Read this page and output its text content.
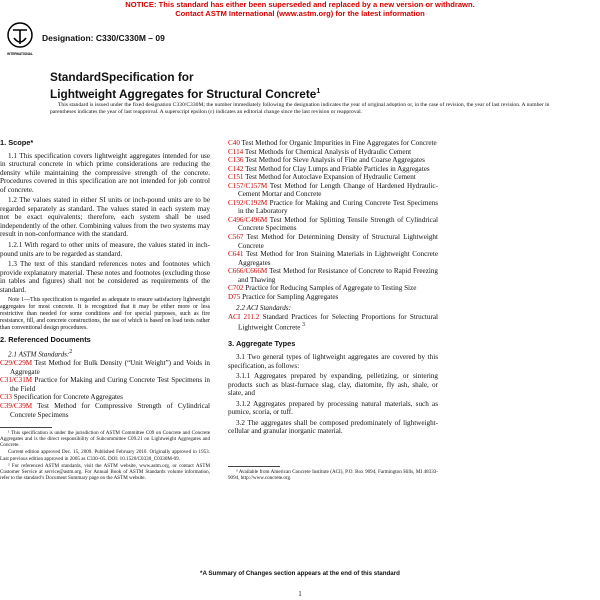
NOTICE: This standard has either been superseded and replaced by a new version or withdrawn.
Contact ASTM International (www.astm.org) for the latest information
INTERNATIONAL
Designation: C330/C330M – 09
StandardSpecification for
Lightweight Aggregates for Structural Concrete$^1$
This standard is issued under the fixed designation C330/C330M; the number immediately following the designation indicates the year of original adoption or, in the case of revision, the year of last revision. A number in parentheses indicates the year of last reapproval. A superscript epsilon (ε) indicates an editorial change since the last revision or reapproval.
1. Scope*

1.1 This specification covers lightweight aggregates intended for use in structural concrete in which prime considerations are reducing the density while maintaining the compressive strength of the concrete. Procedures covered in this specification are not intended for job control of concrete.

1.2 The values stated in either SI units or inch-pound units are to be regarded separately as standard. The values stated in each system may not be exact equivalents; therefore, each system shall be used independently of the other. Combining values from the two systems may result in non-conformance with the standard.

1.2.1 With regard to other units of measure, the values stated in inch-pound units are to be regarded as standard.

1.3 The text of this standard references notes and footnotes which provide explanatory material. These notes and footnotes (excluding those in tables and figures) shall not be considered as requirements of the standard.

Note 1—This specification is regarded as adequate to ensure satisfactory lightweight aggregates for most concrete. It is recognized that it may be either more or less restrictive than needed for some conditions and for special purposes, such as fire resistance, fill, and concrete constructions, the use of which is based on load tests rather than conventional design procedures.
2. Referenced Documents
2.1 ASTM Standards:$^2$
C29/C29M Test Method for Bulk Density (“Unit Weight”) and Voids in Aggregate
C31/C31M Practice for Making and Curing Concrete Test Specimens in the Field
C33 Specification for Concrete Aggregates
C39/C39M Test Method for Compressive Strength of Cylindrical Concrete Specimens
¹ This specification is under the jurisdiction of ASTM Committee C09 on Concrete and Concrete Aggregates and is the direct responsibility of Subcommittee C09.21 on Lightweight Aggregates and Concrete.
Current edition approved Dec. 15, 2009. Published February 2010. Originally approved in 1953. Last previous edition approved in 2005 as C330–05. DOI: 10.1520/C0330_C0330M-09.
² For referenced ASTM standards, visit the ASTM website, www.astm.org, or contact ASTM Customer Service at service@astm.org. For Annual Book of ASTM Standards volume information, refer to the standard’s Document Summary page on the ASTM website.
C40 Test Method for Organic Impurities in Fine Aggregates for Concrete
C114 Test Methods for Chemical Analysis of Hydraulic Cement
C136 Test Method for Sieve Analysis of Fine and Coarse Aggregates
C142 Test Method for Clay Lumps and Friable Particles in Aggregates
C151 Test Method for Autoclave Expansion of Hydraulic Cement
C157/C157M Test Method for Length Change of Hardened Hydraulic-Cement Mortar and Concrete
C192/C192M Practice for Making and Curing Concrete Test Specimens in the Laboratory
C496/C496M Test Method for Splitting Tensile Strength of Cylindrical Concrete Specimens
C567 Test Method for Determining Density of Structural Lightweight Concrete
C641 Test Method for Iron Staining Materials in Lightweight Concrete Aggregates
C666/C666M Test Method for Resistance of Concrete to Rapid Freezing and Thawing
C702 Practice for Reducing Samples of Aggregate to Testing Size
D75 Practice for Sampling Aggregates
2.2 ACI Standards:
ACI 211.2 Standard Practices for Selecting Proportions for Structural Lightweight Concrete $^3$
3. Aggregate Types

3.1 Two general types of lightweight aggregates are covered by this specification, as follows:

3.1.1 Aggregates prepared by expanding, pelletizing, or sintering products such as blast-furnace slag, clay, diatomite, fly ash, shale, or slate, and

3.1.2 Aggregates prepared by processing natural materials, such as pumice, scoria, or tuff.

3.2 The aggregates shall be composed predominately of lightweight-cellular and granular inorganic material.

³ Available from American Concrete Institute (ACI), P.O. Box 9094, Farmington Hills, MI 48333-9094, http://www.concrete.org.
*A Summary of Changes section appears at the end of this standard
1
